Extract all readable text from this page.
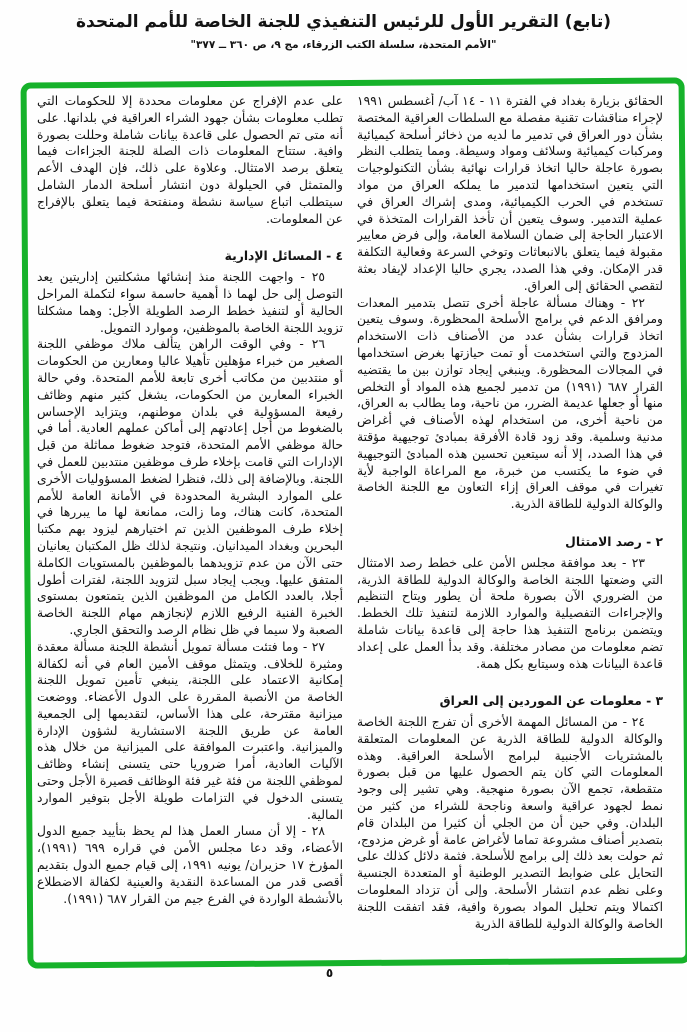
(تابع) التقرير الأول للرئيس التنفيذي للجنة الخاصة للأمم المتحدة
"الأمم المتحدة، سلسلة الكتب الزرقاء، مج ٩، ص ٣٦٠ ــ ٣٧٧"

الحقائق بزيارة بغداد في الفترة ١١ - ١٤ آب/ أغسطس ١٩٩١ لإجراء مناقشات تقنية مفصلة مع السلطات العراقية المختصة بشأن دور العراق في تدمير ما لديه من ذخائر أسلحة كيميائية ومركبات كيميائية وسلائف ومواد وسيطة. ومما يتطلب النظر بصورة عاجلة حاليا اتخاذ قرارات نهائية بشأن التكنولوجيات التي يتعين استخدامها لتدمير ما يملكه العراق من مواد تستخدم في الحرب الكيميائية، ومدى إشراك العراق في عملية التدمير. وسوف يتعين أن تأخذ القرارات المتخذة في الاعتبار الحاجة إلى ضمان السلامة العامة، وإلى فرض معايير مقبولة فيما يتعلق بالانبعاثات وتوخي السرعة وفعالية التكلفة قدر الإمكان. وفي هذا الصدد، يجري حاليا الإعداد لإيفاد بعثة لتقصي الحقائق إلى العراق.

٢٢ - وهناك مسألة عاجلة أخرى تتصل بتدمير المعدات ومرافق الدعم في برامج الأسلحة المحظورة. وسوف يتعين اتخاذ قرارات بشأن عدد من الأصناف ذات الاستخدام المزدوج والتي استخدمت أو تمت حيازتها بغرض استخدامها في المجالات المحظورة. وينبغي إيجاد توازن بين ما يقتضيه القرار ٦٨٧ (١٩٩١) من تدمير لجميع هذه المواد أو التخلص منها أو جعلها عديمة الضرر، من ناحية، وما يطالب به العراق، من ناحية أخرى، من استخدام لهذه الأصناف في أغراض مدنية وسلمية. وقد زود قادة الأفرقة بمبادئ توجيهية مؤقتة في هذا الصدد، إلا أنه سيتعين تحسين هذه المبادئ التوجيهية في ضوء ما يكتسب من خبرة، مع المراعاة الواجبة لأية تغيرات في موقف العراق إزاء التعاون مع اللجنة الخاصة والوكالة الدولية للطاقة الذرية.

٢ - رصد الامتثال

٢٣ - بعد موافقة مجلس الأمن على خطط رصد الامتثال التي وضعتها اللجنة الخاصة والوكالة الدولية للطاقة الذرية، من الضروري الآن بصورة ملحة أن يطور ويتاح التنظيم والإجراءات التفصيلية والموارد اللازمة لتنفيذ تلك الخطط. ويتضمن برنامج التنفيذ هذا حاجة إلى قاعدة بيانات شاملة تضم معلومات من مصادر مختلفة. وقد بدأ العمل على إعداد قاعدة البيانات هذه وسيتابع بكل همة.

٣ - معلومات عن الموردين إلى العراق

٢٤ - من المسائل المهمة الأخرى أن تفرج اللجنة الخاصة والوكالة الدولية للطاقة الذرية عن المعلومات المتعلقة بالمشتريات الأجنبية لبرامج الأسلحة العراقية. وهذه المعلومات التي كان يتم الحصول عليها من قبل بصورة متقطعة، تجمع الآن بصورة منهجية. وهي تشير إلى وجود نمط لجهود عراقية واسعة وناجحة للشراء من كثير من البلدان. وفي حين أن من الجلي أن كثيرا من البلدان قام بتصدير أصناف مشروعة تماما لأغراض عامة أو غرض مزدوج، ثم حولت بعد ذلك إلى برامج للأسلحة. فثمة دلائل كذلك على التحايل على ضوابط التصدير الوطنية أو المتعددة الجنسية وعلى نظم عدم انتشار الأسلحة. وإلى أن تزداد المعلومات اكتمالا ويتم تحليل المواد بصورة وافية، فقد اتفقت اللجنة الخاصة والوكالة الدولية للطاقة الذرية

على عدم الإفراج عن معلومات محددة إلا للحكومات التي تطلب معلومات بشأن جهود الشراء العراقية في بلدانها. على أنه متى تم الحصول على قاعدة بيانات شاملة وحللت بصورة وافية. ستتاح المعلومات ذات الصلة للجنة الجزاءات فيما يتعلق برصد الامتثال. وعلاوة على ذلك، فإن الهدف الأعم والمتمثل في الحيلولة دون انتشار أسلحة الدمار الشامل سيتطلب اتباع سياسة نشطة ومنفتحة فيما يتعلق بالإفراج عن المعلومات.

٤ - المسائل الإدارية

٢٥ - واجهت اللجنة منذ إنشائها مشكلتين إداريتين يعد التوصل إلى حل لهما ذا أهمية حاسمة سواء لتكملة المراحل الحالية أو لتنفيذ خطط الرصد الطويلة الأجل: وهما مشكلتا تزويد اللجنة الخاصة بالموظفين، وموارد التمويل.

٢٦ - وفي الوقت الراهن يتألف ملاك موظفي اللجنة الصغير من خبراء مؤهلين تأهيلا عاليا ومعارين من الحكومات أو منتدبين من مكاتب أخرى تابعة للأمم المتحدة. وفي حالة الخبراء المعارين من الحكومات، يشغل كثير منهم وظائف رفيعة المسؤولية في بلدان موطنهم، ويتزايد الإحساس بالضغوط من أجل إعادتهم إلى أماكن عملهم العادية. أما في حالة موظفي الأمم المتحدة، فتوجد ضغوط مماثلة من قبل الإدارات التي قامت بإخلاء طرف موظفين منتدبين للعمل في اللجنة. وبالإضافة إلى ذلك، فنظرا لضغط المسؤوليات الأخرى على الموارد البشرية المحدودة في الأمانة العامة للأمم المتحدة، كانت هناك، وما زالت، ممانعة لها ما يبررها في إخلاء طرف الموظفين الذين تم اختيارهم ليزود بهم مكتبا البحرين وبغداد الميدانيان. ونتيجة لذلك ظل المكتبان يعانيان حتى الآن من عدم تزويدهما بالموظفين بالمستويات الكاملة المتفق عليها. ويجب إيجاد سبل لتزويد اللجنة، لفترات أطول أجلا، بالعدد الكامل من الموظفين الذين يتمتعون بمستوى الخبرة الفنية الرفيع اللازم لإنجازهم مهام اللجنة الخاصة الصعبة ولا سيما في ظل نظام الرصد والتحقق الجاري.

٢٧ - وما فتئت مسألة تمويل أنشطة اللجنة مسألة معقدة ومثيرة للخلاف. ويتمثل موقف الأمين العام في أنه لكفالة إمكانية الاعتماد على اللجنة، ينبغي تأمين تمويل اللجنة الخاصة من الأنصبة المقررة على الدول الأعضاء. ووضعت ميزانية مقترحة، على هذا الأساس، لتقديمها إلى الجمعية العامة عن طريق اللجنة الاستشارية لشؤون الإدارة والميزانية. واعتبرت الموافقة على الميزانية من خلال هذه الآليات العادية، أمرا ضروريا حتى يتسنى إنشاء وظائف لموظفي اللجنة من فئة غير فئة الوظائف قصيرة الأجل وحتى يتسنى الدخول في التزامات طويلة الأجل بتوفير الموارد المالية.

٢٨ - إلا أن مسار العمل هذا لم يحظ بتأييد جميع الدول الأعضاء، وقد دعا مجلس الأمن في قراره ٦٩٩ (١٩٩١)، المؤرخ ١٧ حزيران/ يونيه ١٩٩١، إلى قيام جميع الدول بتقديم أقصى قدر من المساعدة النقدية والعينية لكفالة الاضطلاع بالأنشطة الواردة في الفرع جيم من القرار ٦٨٧ (١٩٩١).

٥
